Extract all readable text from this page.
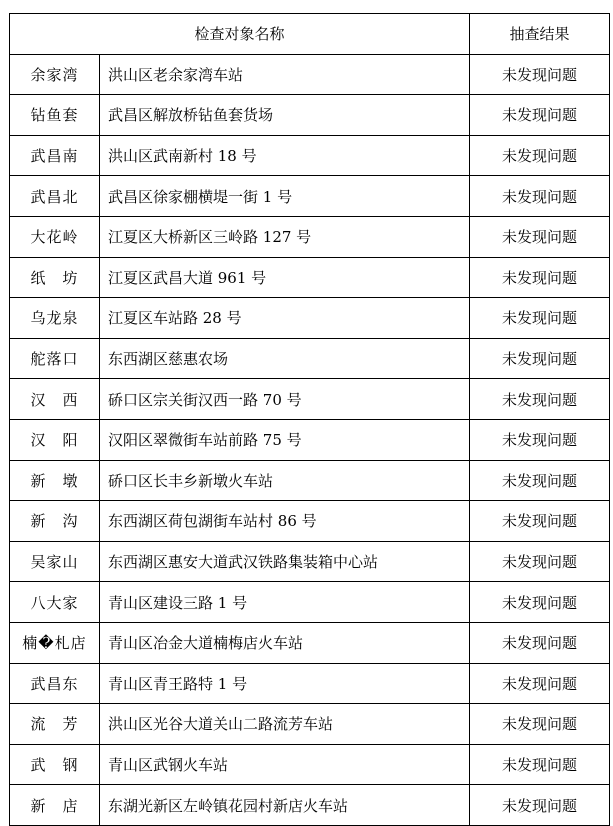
检查对象名称		抽查结果
余家湾	洪山区老余家湾车站	未发现问题
钻鱼套	武昌区解放桥钻鱼套货场	未发现问题
武昌南	洪山区武南新村 18 号	未发现问题
武昌北	武昌区徐家棚横堤一街 1 号	未发现问题
大花岭	江夏区大桥新区三岭路 127 号	未发现问题
纸　坊	江夏区武昌大道 961 号	未发现问题
乌龙泉	江夏区车站路 28 号	未发现问题
舵落口	东西湖区慈惠农场	未发现问题
汉　西	硚口区宗关街汉西一路 70 号	未发现问题
汉　阳	汉阳区翠微街车站前路 75 号	未发现问题
新　墩	硚口区长丰乡新墩火车站	未发现问题
新　沟	东西湖区荷包湖街车站村 86 号	未发现问题
吴家山	东西湖区惠安大道武汉铁路集装箱中心站	未发现问题
八大家	青山区建设三路 1 号	未发现问题
楠�札店	青山区冶金大道楠梅店火车站	未发现问题
武昌东	青山区青王路特 1 号	未发现问题
流　芳	洪山区光谷大道关山二路流芳车站	未发现问题
武　钢	青山区武钢火车站	未发现问题
新　店	东湖光新区左岭镇花园村新店火车站	未发现问题
